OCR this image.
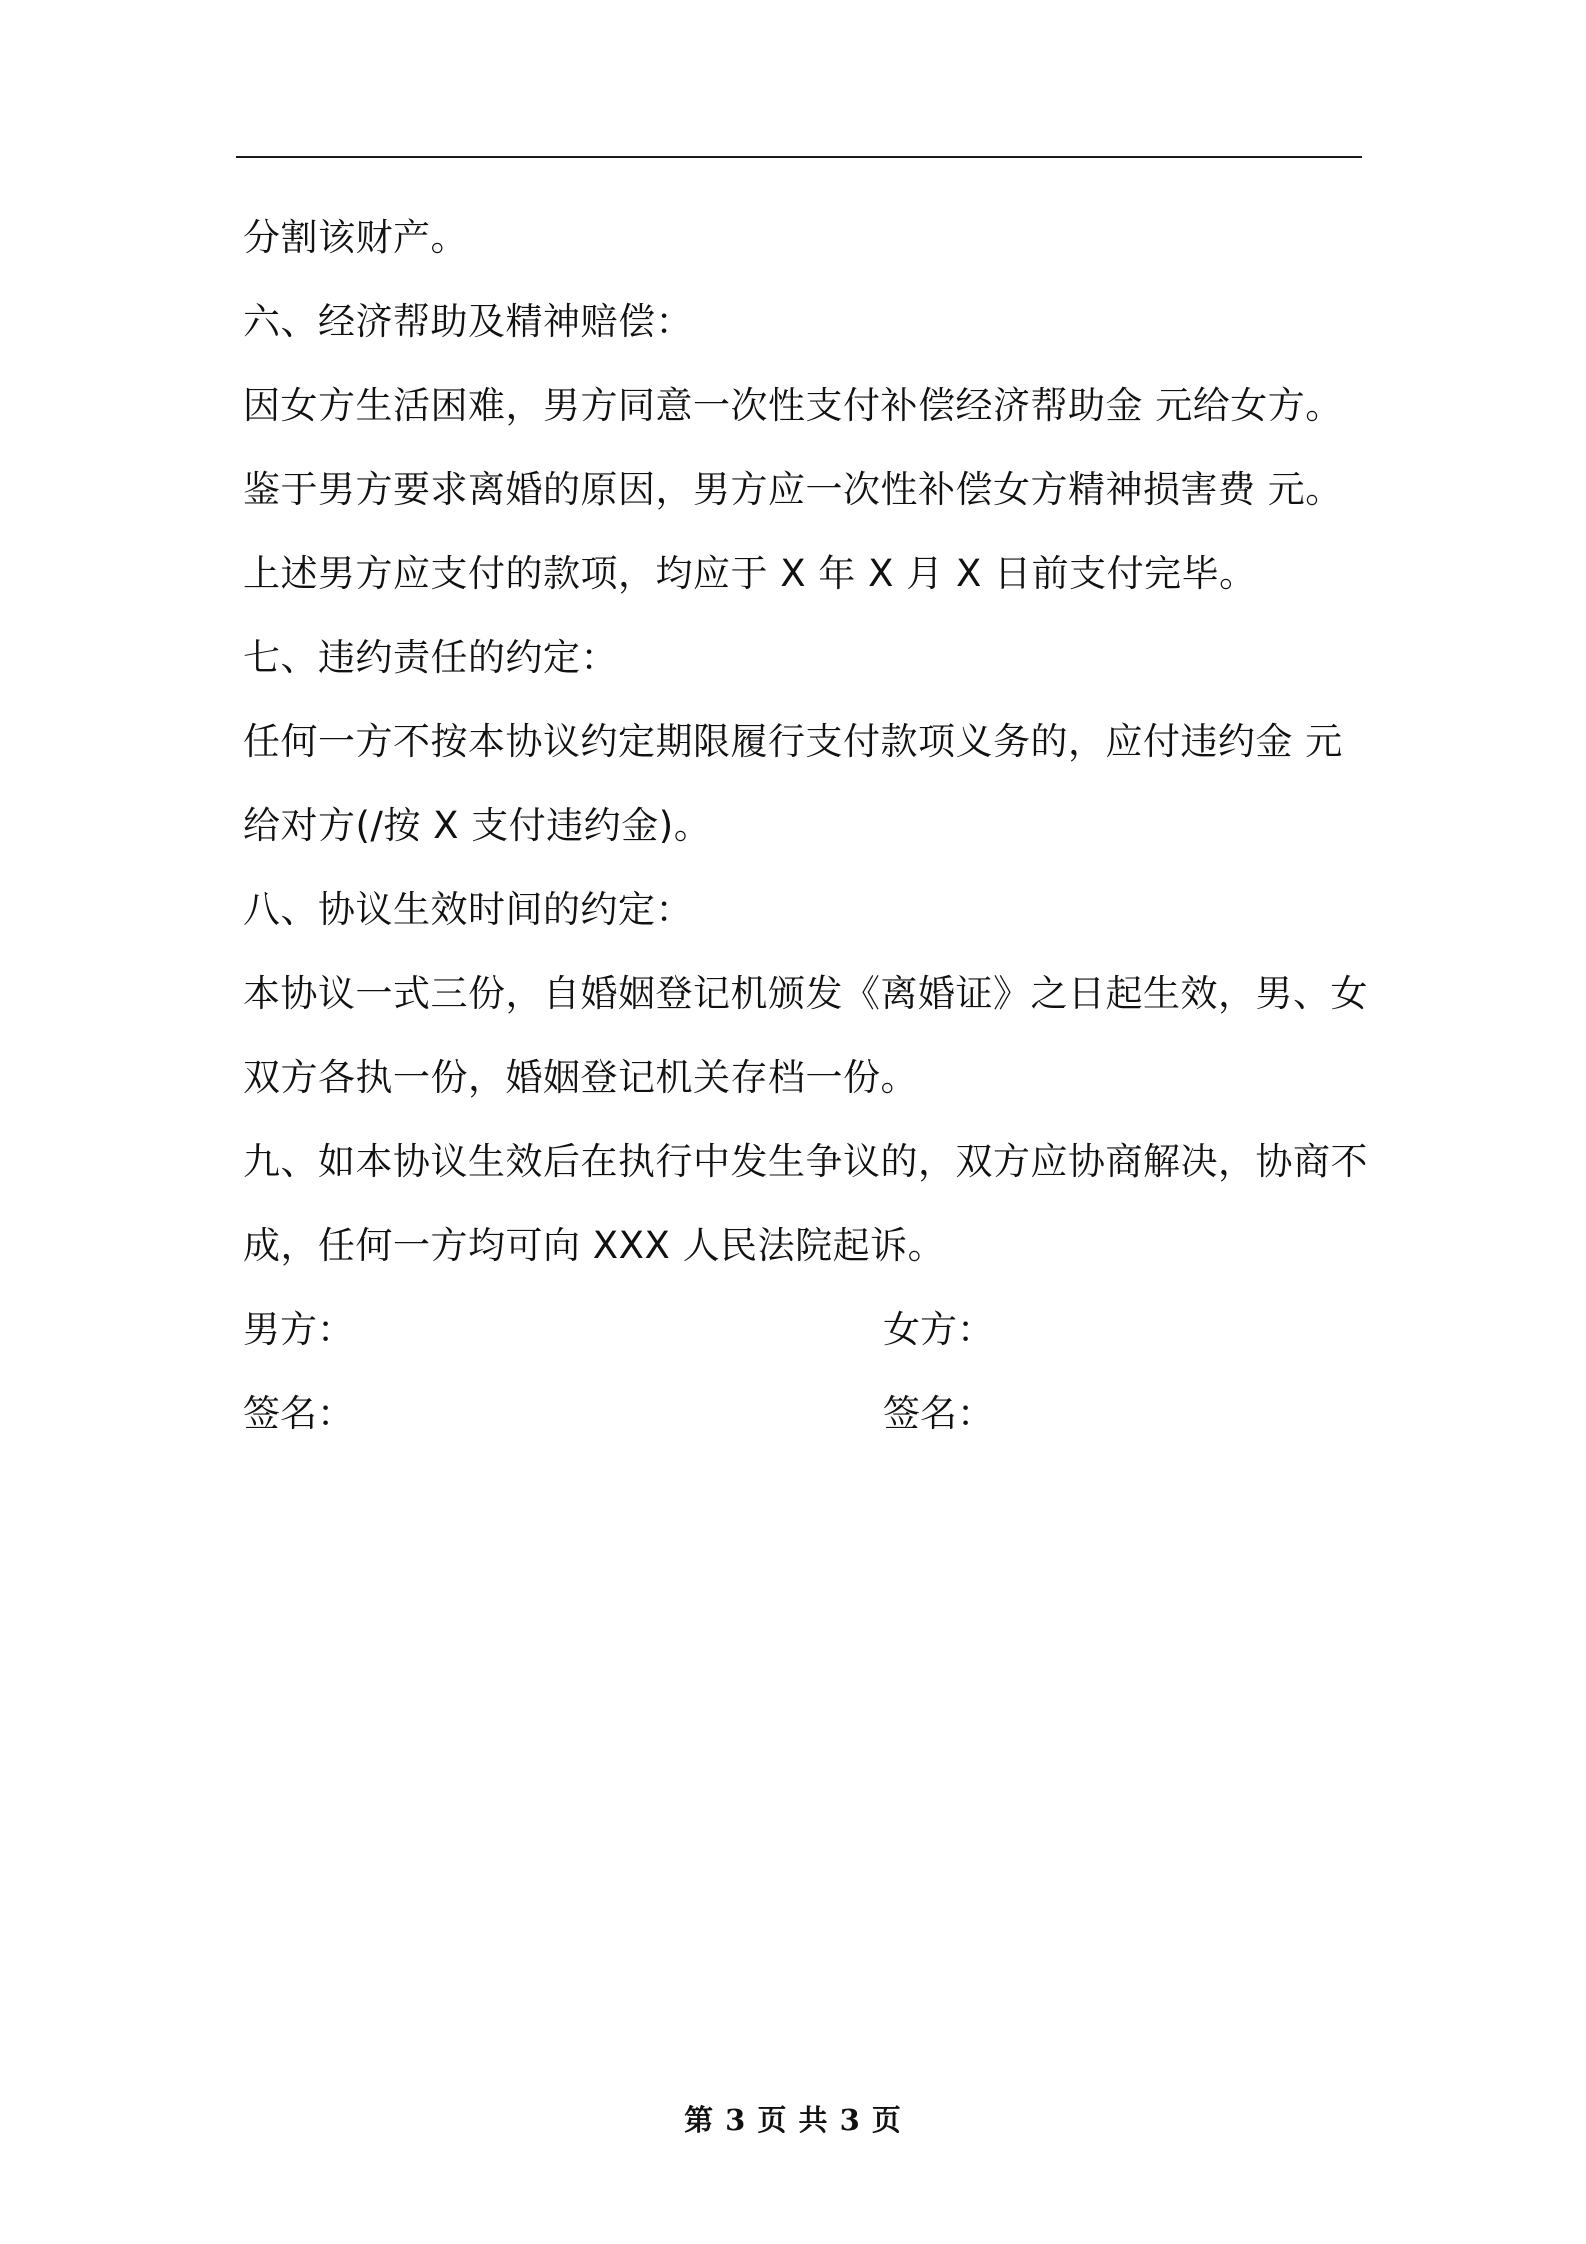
分割该财产。
六、经济帮助及精神赔偿：
因女方生活困难，男方同意一次性支付补偿经济帮助金 元给女方。
鉴于男方要求离婚的原因，男方应一次性补偿女方精神损害费 元。
上述男方应支付的款项，均应于 X 年 X 月 X 日前支付完毕。
七、违约责任的约定：
任何一方不按本协议约定期限履行支付款项义务的，应付违约金 元
给对方(/按 X 支付违约金)。
八、协议生效时间的约定：
本协议一式三份，自婚姻登记机颁发《离婚证》之日起生效，男、女
双方各执一份，婚姻登记机关存档一份。
九、如本协议生效后在执行中发生争议的，双方应协商解决，协商不
成，任何一方均可向 XXX 人民法院起诉。
男方：	女方：
签名：	签名：
第 3 页 共 3 页
